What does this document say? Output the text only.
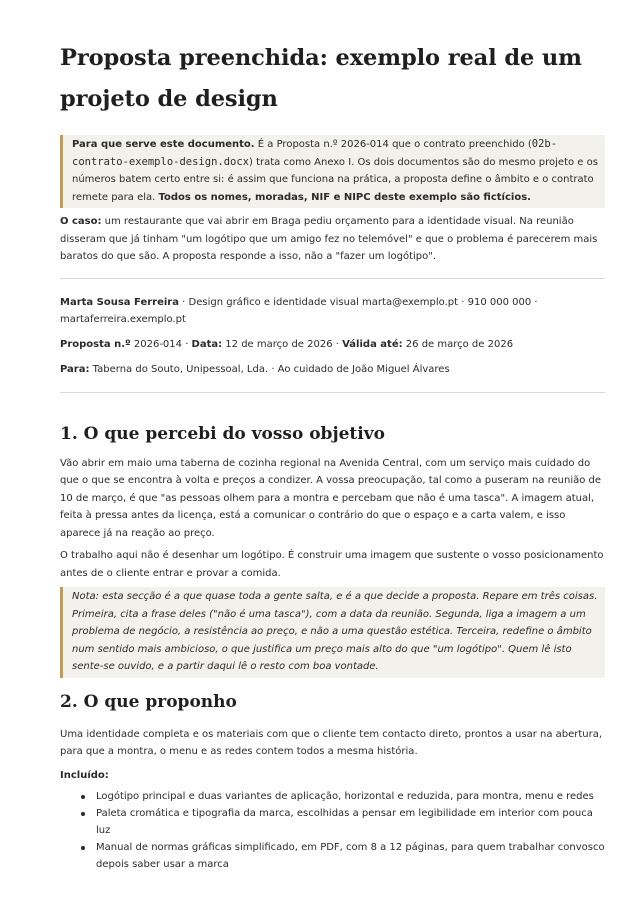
Proposta preenchida: exemplo real de um projeto de design

Para que serve este documento. É a Proposta n.º 2026-014 que o contrato preenchido (02b-contrato-exemplo-design.docx) trata como Anexo I. Os dois documentos são do mesmo projeto e os números batem certo entre si: é assim que funciona na prática, a proposta define o âmbito e o contrato remete para ela. Todos os nomes, moradas, NIF e NIPC deste exemplo são fictícios.

O caso: um restaurante que vai abrir em Braga pediu orçamento para a identidade visual. Na reunião disseram que já tinham "um logótipo que um amigo fez no telemóvel" e que o problema é parecerem mais baratos do que são. A proposta responde a isso, não a "fazer um logótipo".

Marta Sousa Ferreira · Design gráfico e identidade visual marta@exemplo.pt · 910 000 000 · martaferreira.exemplo.pt

Proposta n.º 2026-014 · Data: 12 de março de 2026 · Válida até: 26 de março de 2026

Para: Taberna do Souto, Unipessoal, Lda. · Ao cuidado de João Miguel Álvares

1. O que percebi do vosso objetivo

Vão abrir em maio uma taberna de cozinha regional na Avenida Central, com um serviço mais cuidado do que o que se encontra à volta e preços a condizer. A vossa preocupação, tal como a puseram na reunião de 10 de março, é que "as pessoas olhem para a montra e percebam que não é uma tasca". A imagem atual, feita à pressa antes da licença, está a comunicar o contrário do que o espaço e a carta valem, e isso aparece já na reação ao preço.

O trabalho aqui não é desenhar um logótipo. É construir uma imagem que sustente o vosso posicionamento antes de o cliente entrar e provar a comida.

Nota: esta secção é a que quase toda a gente salta, e é a que decide a proposta. Repare em três coisas. Primeira, cita a frase deles ("não é uma tasca"), com a data da reunião. Segunda, liga a imagem a um problema de negócio, a resistência ao preço, e não a uma questão estética. Terceira, redefine o âmbito num sentido mais ambicioso, o que justifica um preço mais alto do que "um logótipo". Quem lê isto sente-se ouvido, e a partir daqui lê o resto com boa vontade.

2. O que proponho

Uma identidade completa e os materiais com que o cliente tem contacto direto, prontos a usar na abertura, para que a montra, o menu e as redes contem todos a mesma história.

Incluído:

Logótipo principal e duas variantes de aplicação, horizontal e reduzida, para montra, menu e redes
Paleta cromática e tipografia da marca, escolhidas a pensar em legibilidade em interior com pouca luz
Manual de normas gráficas simplificado, em PDF, com 8 a 12 páginas, para quem trabalhar convosco depois saber usar a marca
